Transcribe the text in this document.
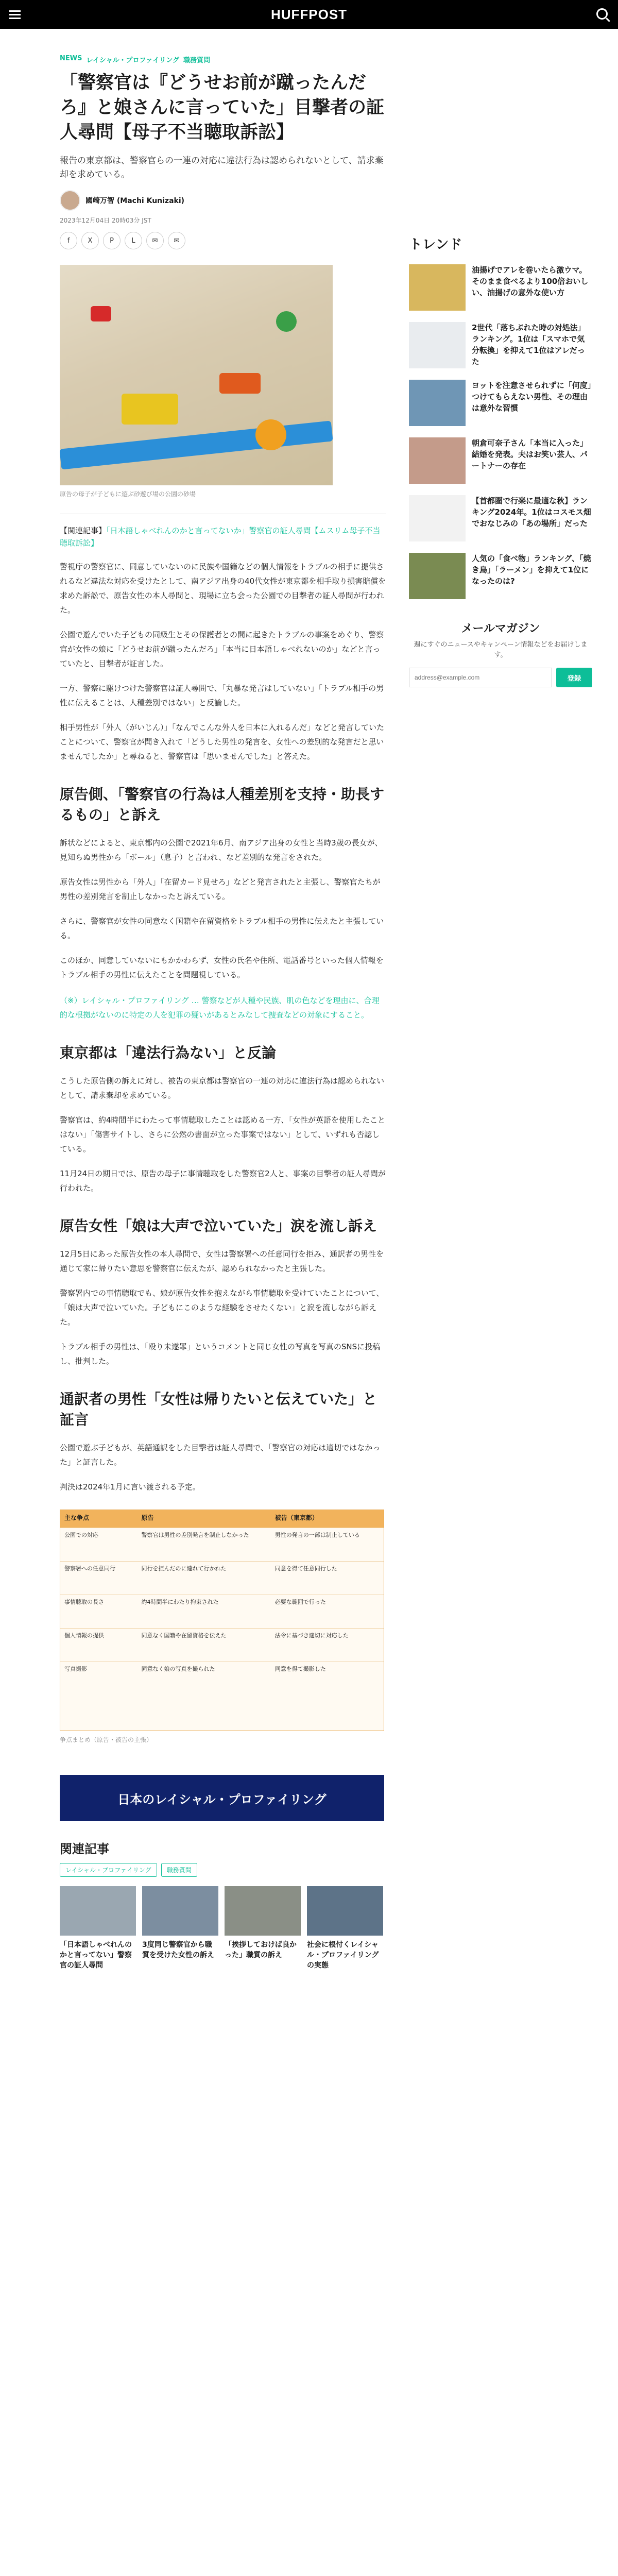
HUFFPOST
NEWS レイシャル・プロファイリング 職務質問
「警察官は『どうせお前が蹴ったんだろ』と娘さんに言っていた」目撃者の証人尋問【母子不当聴取訴訟】
報告の東京都は、警察官らの一連の対応に違法行為は認められないとして、請求棄却を求めている。
國崎万智 (Machi Kunizaki)
2023年12月04日 20時03分 JST
f	X	P	L	✉	✉
原告の母子が子どもに遊ぶ砂遊び場の公園の砂場
【関連記事】「日本語しゃべれんのかと言ってないか」警察官の証人尋問【ムスリム母子不当聴取訴訟】

警視庁の警察官に、同意していないのに民族や国籍などの個人情報をトラブルの相手に提供されるなど違法な対応を受けたとして、南アジア出身の40代女性が東京都を相手取り損害賠償を求めた訴訟で、原告女性の本人尋問と、現場に立ち会った公園での目撃者の証人尋問が行われた。

公園で遊んでいた子どもの同級生とその保護者との間に起きたトラブルの事案をめぐり、警察官が女性の娘に「どうせお前が蹴ったんだろ」「本当に日本語しゃべれないのか」などと言っていたと、目撃者が証言した。

一方、警察に駆けつけた警察官は証人尋問で、「丸暴な発言はしていない」「トラブル相手の男性に伝えることは、人種差別ではない」と反論した。

相手男性が「外人（がいじん）」「なんでこんな外人を日本に入れるんだ」などと発言していたことについて、警察官が聞き入れて「どうした男性の発言を、女性への差別的な発言だと思いませんでしたか」と尋ねると、警察官は「思いませんでした」と答えた。

原告側、「警察官の行為は人種差別を支持・助長するもの」と訴え

訴状などによると、東京都内の公園で2021年6月、南アジア出身の女性と当時3歳の長女が、見知らぬ男性から「ボール」（息子）と言われ、など差別的な発言をされた。

原告女性は男性から「外人」「在留カード見せろ」などと発言されたと主張し、警察官たちが男性の差別発言を制止しなかったと訴えている。

さらに、警察官が女性の同意なく国籍や在留資格をトラブル相手の男性に伝えたと主張している。

このほか、同意していないにもかかわらず、女性の氏名や住所、電話番号といった個人情報をトラブル相手の男性に伝えたことを問題視している。

（※）レイシャル・プロファイリング … 警察などが人種や民族、肌の色などを理由に、合理的な根拠がないのに特定の人を犯罪の疑いがあるとみなして捜査などの対象にすること。
東京都は「違法行為ない」と反論

こうした原告側の訴えに対し、被告の東京都は警察官の一連の対応に違法行為は認められないとして、請求棄却を求めている。

警察官は、約4時間半にわたって事情聴取したことは認める一方、「女性が英語を使用したことはない」「傷害サイトし、さらに公然の書面が立った事案ではない」として、いずれも否認している。

11月24日の期日では、原告の母子に事情聴取をした警察官2人と、事案の目撃者の証人尋問が行われた。

原告女性「娘は大声で泣いていた」涙を流し訴え

12月5日にあった原告女性の本人尋問で、女性は警察署への任意同行を拒み、通訳者の男性を通じて家に帰りたい意思を警察官に伝えたが、認められなかったと主張した。

警察署内での事情聴取でも、娘が原告女性を抱えながら事情聴取を受けていたことについて、「娘は大声で泣いていた。子どもにこのような経験をさせたくない」と涙を流しながら訴えた。

トラブル相手の男性は、「殴り未遂罪」というコメントと同じ女性の写真を写真のSNSに投稿し、批判した。

通訳者の男性「女性は帰りたいと伝えていた」と証言

公園で遊ぶ子どもが、英語通訳をした目撃者は証人尋問で、「警察官の対応は適切ではなかった」と証言した。

判決は2024年1月に言い渡される予定。

主な争点	原告	被告（東京都）
公園での対応	警察官は男性の差別発言を制止しなかった	男性の発言の一部は制止している
警察署への任意同行	同行を拒んだのに連れて行かれた	同意を得て任意同行した
事情聴取の長さ	約4時間半にわたり拘束された	必要な範囲で行った
個人情報の提供	同意なく国籍や在留資格を伝えた	法令に基づき適切に対応した
写真撮影	同意なく娘の写真を撮られた	同意を得て撮影した
争点まとめ（原告・被告の主張）
日本のレイシャル・プロファイリング
関連記事
レイシャル・プロファイリング	職務質問
「日本語しゃべれんのかと言ってない」警察官の証人尋問
3度同じ警察官から職質を受けた女性の訴え
「挨拶しておけば良かった」職質の訴え
社会に根付くレイシャル・プロファイリングの実態
トレンド
油揚げでアレを巻いたら激ウマ。そのまま食べるより100倍おいしい、油揚げの意外な使い方
2世代「落ちぶれた時の対処法」ランキング。1位は「スマホで気分転換」を抑えて1位はアレだった
ヨットを注意させられずに「何度」つけてもらえない男性、その理由は意外な習慣
朝倉可奈子さん「本当に入った」結婚を発表。夫はお笑い芸人、パートナーの存在
【首都圏で行楽に最適な秋】ランキング2024年。1位はコスモス畑でおなじみの「あの場所」だった
人気の「食べ物」ランキング、「焼き鳥」「ラーメン」を抑えて1位になったのは?
メールマガジン

週にすぐのニュースやキャンペーン情報などをお届けします。

address@example.com
登録
